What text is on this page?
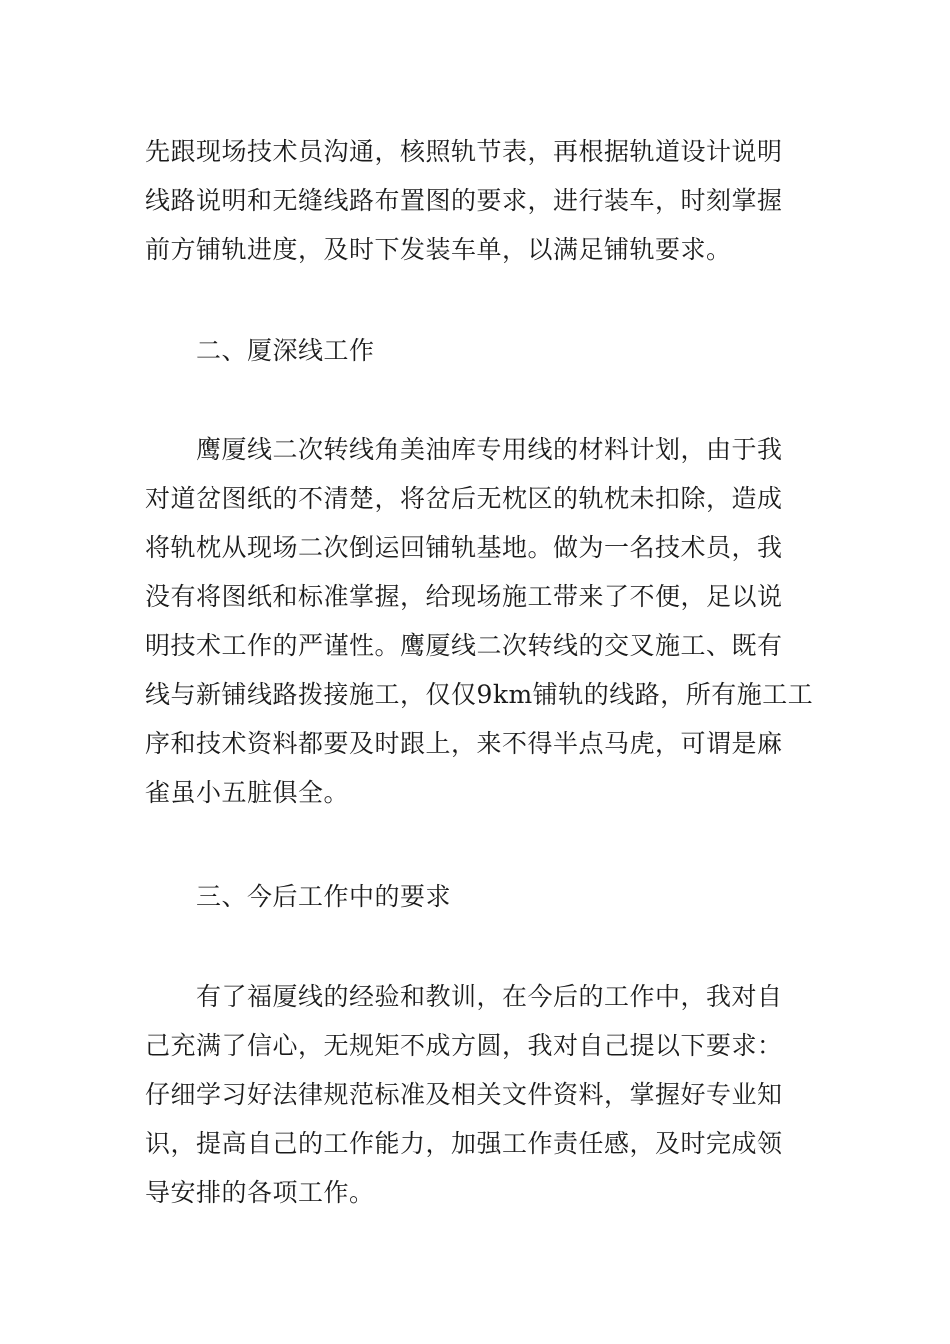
先跟现场技术员沟通，核照轨节表，再根据轨道设计说明
线路说明和无缝线路布置图的要求，进行装车，时刻掌握
前方铺轨进度，及时下发装车单，以满足铺轨要求。
二、厦深线工作
鹰厦线二次转线角美油库专用线的材料计划，由于我
对道岔图纸的不清楚，将岔后无枕区的轨枕未扣除，造成
将轨枕从现场二次倒运回铺轨基地。做为一名技术员，我
没有将图纸和标准掌握，给现场施工带来了不便，足以说
明技术工作的严谨性。鹰厦线二次转线的交叉施工、既有
线与新铺线路拨接施工，仅仅9km铺轨的线路，所有施工工
序和技术资料都要及时跟上，来不得半点马虎，可谓是麻
雀虽小五脏俱全。
三、今后工作中的要求
有了福厦线的经验和教训，在今后的工作中，我对自
己充满了信心，无规矩不成方圆，我对自己提以下要求：
仔细学习好法律规范标准及相关文件资料，掌握好专业知
识，提高自己的工作能力，加强工作责任感，及时完成领
导安排的各项工作。
